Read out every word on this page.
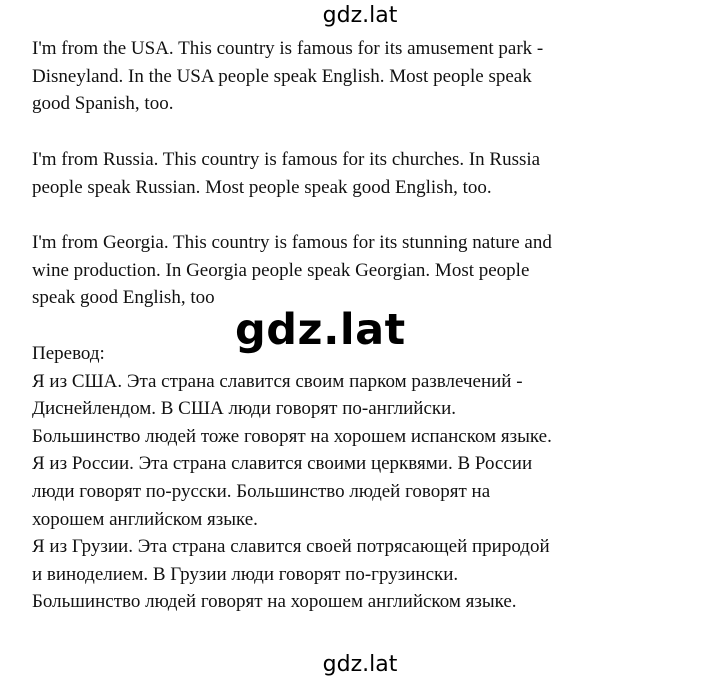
gdz.lat
I'm from the USA. This country is famous for its amusement park -
Disneyland. In the USA people speak English. Most people speak
good Spanish, too.
I'm from Russia. This country is famous for its churches. In Russia
people speak Russian. Most people speak good English, too.
I'm from Georgia. This country is famous for its stunning nature and
wine production. In Georgia people speak Georgian. Most people
speak good English, too
gdz.lat
Перевод:
Я из США. Эта страна славится своим парком развлечений -
Диснейлендом. В США люди говорят по-английски.
Большинство людей тоже говорят на хорошем испанском языке.
Я из России. Эта страна славится своими церквями. В России
люди говорят по-русски. Большинство людей говорят на
хорошем английском языке.
Я из Грузии. Эта страна славится своей потрясающей природой
и виноделием. В Грузии люди говорят по-грузински.
Большинство людей говорят на хорошем английском языке.
gdz.lat
